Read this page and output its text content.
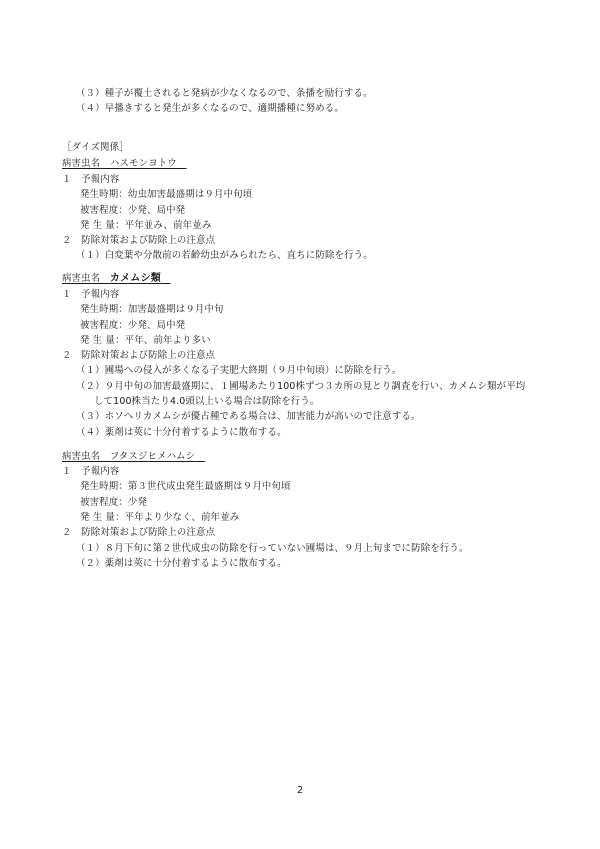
（３）種子が覆土されると発病が少なくなるので、条播を励行する。
（４）早播きすると発生が多くなるので、適期播種に努める。
［ダイズ関係］
病害虫名　 ハスモンヨトウ　
１　予報内容
発生時期：幼虫加害最盛期は９月中旬頃
被害程度：少発、局中発
発 生 量：平年並み、前年並み
２　防除対策および防除上の注意点
（１）白変葉や分散前の若齢幼虫がみられたら、直ちに防除を行う。
病害虫名　 カメムシ類　
１　予報内容
発生時期：加害最盛期は９月中旬
被害程度：少発、局中発
発 生 量：平年、前年より多い
２　防除対策および防除上の注意点
（１）圃場への侵入が多くなる子実肥大終期（９月中旬頃）に防除を行う。
（２）９月中旬の加害最盛期に、１圃場あたり100株ずつ３カ所の見とり調査を行い、カメムシ類が平均
して100株当たり4.0頭以上いる場合は防除を行う。
（３）ホソヘリカメムシが優占種である場合は、加害能力が高いので注意する。
（４）薬剤は莢に十分付着するように散布する。
病害虫名　 フタスジヒメハムシ　
１　予報内容
発生時期：第３世代成虫発生最盛期は９月中旬頃
被害程度：少発
発 生 量：平年より少なく、前年並み
２　防除対策および防除上の注意点
（１）８月下旬に第２世代成虫の防除を行っていない圃場は、９月上旬までに防除を行う。
（２）薬剤は莢に十分付着するように散布する。
2
